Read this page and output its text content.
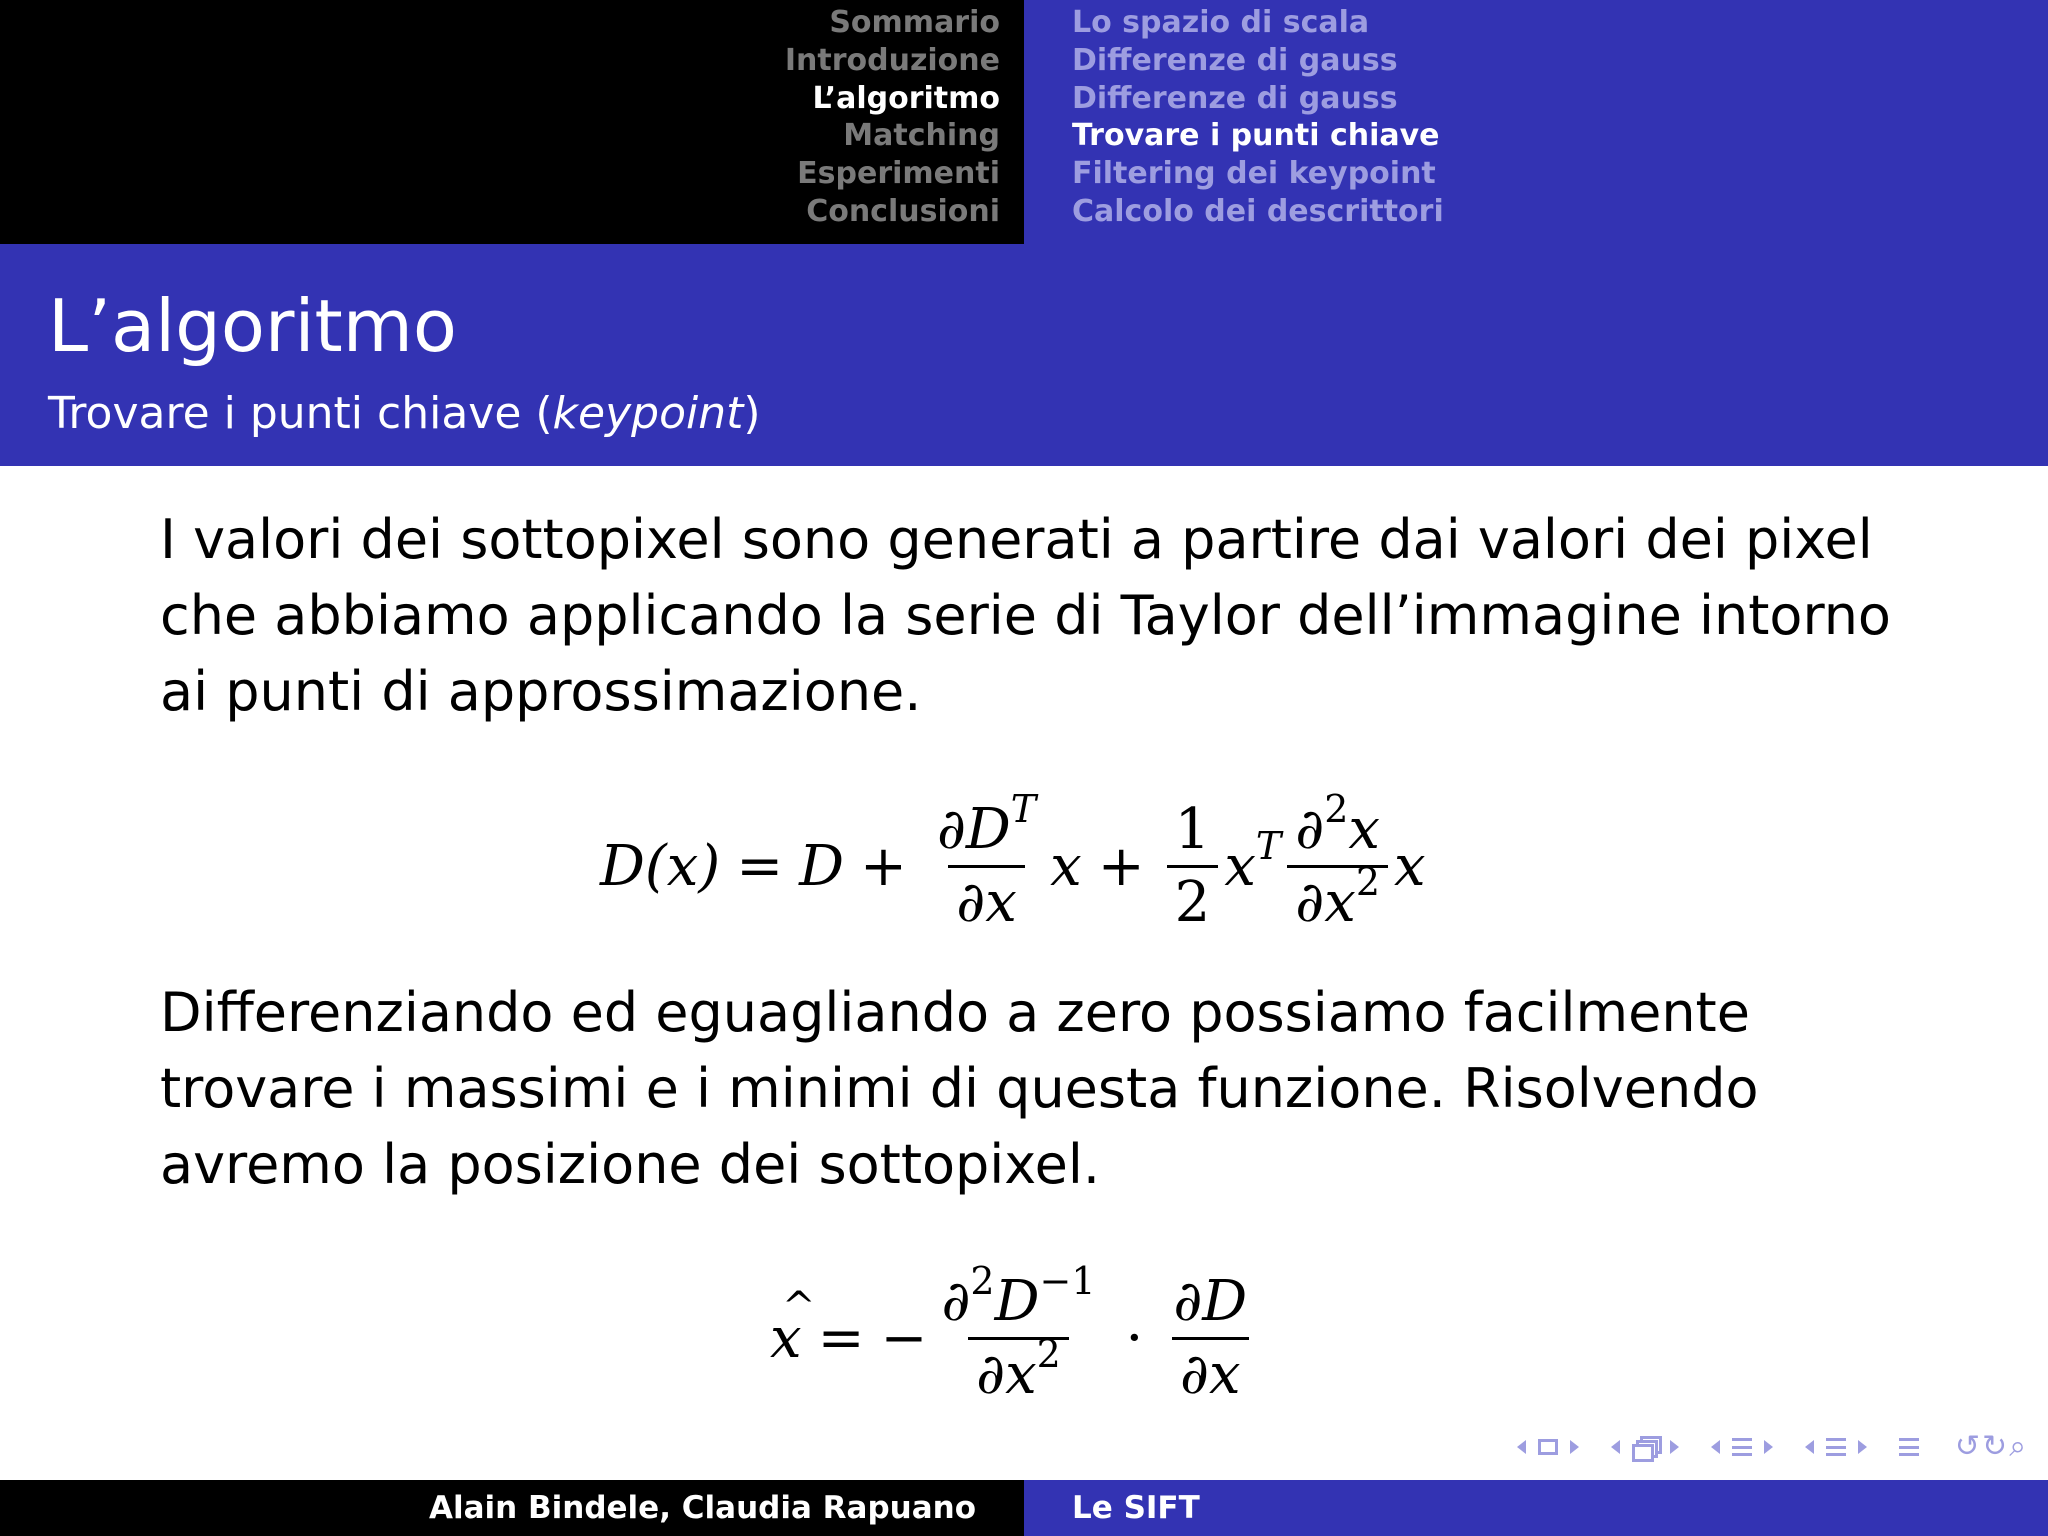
Sommario
Introduzione
L’algoritmo
Matching
Esperimenti
Conclusioni
Lo spazio di scala
Differenze di gauss
Differenze di gauss
Trovare i punti chiave
Filtering dei keypoint
Calcolo dei descrittori
L’algoritmo

Trovare i punti chiave (keypoint)

I valori dei sottopixel sono generati a partire dai valori dei pixel che abbiamo applicando la serie di Taylor dell’immagine intorno ai punti di approssimazione.

$D(x) = D + \frac{\partial D^T}{\partial x}$ $x + \frac{1}{2} x^T \frac{\partial^2x}{\partial x^2}$ x

Differenziando ed eguagliando a zero possiamo facilmente trovare i massimi e i minimi di questa funzione. Risolvendo avremo la posizione dei sottopixel.

^ x = − $\frac{\partial^2D^{-1}}{\partial x^2} \cdot \frac{\partial D}{\partial x}$
↺↻⌕
Alain Bindele, Claudia Rapuano	Le SIFT
